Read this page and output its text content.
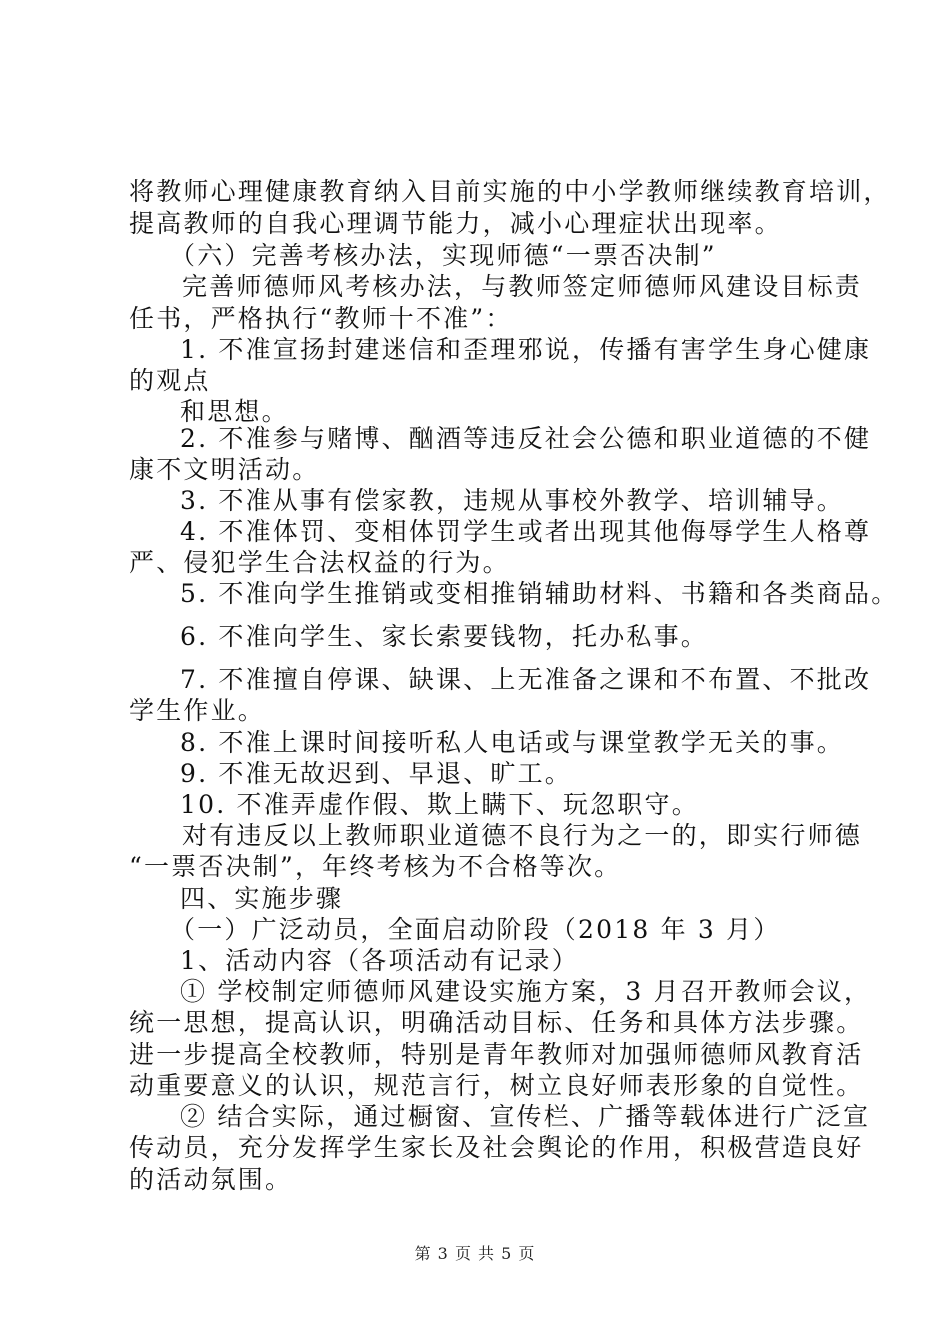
将教师心理健康教育纳入目前实施的中小学教师继续教育培训，
提高教师的自我心理调节能力，减小心理症状出现率。
（六）完善考核办法，实现师德“一票否决制”
完善师德师风考核办法，与教师签定师德师风建设目标责
任书，严格执行“教师十不准”：
1. 不准宣扬封建迷信和歪理邪说，传播有害学生身心健康
的观点
和思想。
2. 不准参与赌博、酗酒等违反社会公德和职业道德的不健
康不文明活动。
3. 不准从事有偿家教，违规从事校外教学、培训辅导。
4. 不准体罚、变相体罚学生或者出现其他侮辱学生人格尊
严、侵犯学生合法权益的行为。
5. 不准向学生推销或变相推销辅助材料、书籍和各类商品。
6. 不准向学生、家长索要钱物，托办私事。
7. 不准擅自停课、缺课、上无准备之课和不布置、不批改
学生作业。
8. 不准上课时间接听私人电话或与课堂教学无关的事。
9. 不准无故迟到、早退、旷工。
10. 不准弄虚作假、欺上瞒下、玩忽职守。
对有违反以上教师职业道德不良行为之一的，即实行师德
“一票否决制”，年终考核为不合格等次。
四、实施步骤
（一）广泛动员，全面启动阶段（2018 年 3 月）
1、活动内容（各项活动有记录）
① 学校制定师德师风建设实施方案，3 月召开教师会议，
统一思想，提高认识，明确活动目标、任务和具体方法步骤。
进一步提高全校教师，特别是青年教师对加强师德师风教育活
动重要意义的认识，规范言行，树立良好师表形象的自觉性。
② 结合实际，通过橱窗、宣传栏、广播等载体进行广泛宣
传动员，充分发挥学生家长及社会舆论的作用，积极营造良好
的活动氛围。
第 3 页 共 5 页
